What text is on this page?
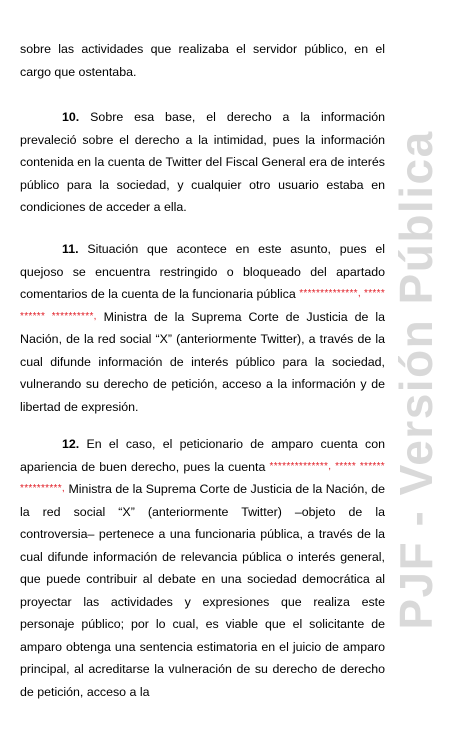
PJF - Versión Pública

sobre las actividades que realizaba el servidor público, en el cargo que ostentaba.

10. Sobre esa base, el derecho a la información prevaleció sobre el derecho a la intimidad, pues la información contenida en la cuenta de Twitter del Fiscal General era de interés público para la sociedad, y cualquier otro usuario estaba en condiciones de acceder a ella.

11. Situación que acontece en este asunto, pues el quejoso se encuentra restringido o bloqueado del apartado comentarios de la cuenta de la funcionaria pública **************, ***** ****** **********, Ministra de la Suprema Corte de Justicia de la Nación, de la red social “X” (anteriormente Twitter), a través de la cual difunde información de interés público para la sociedad, vulnerando su derecho de petición, acceso a la información y de libertad de expresión.

12. En el caso, el peticionario de amparo cuenta con apariencia de buen derecho, pues la cuenta **************, ***** ****** **********, Ministra de la Suprema Corte de Justicia de la Nación, de la red social “X” (anteriormente Twitter) –objeto de la controversia– pertenece a una funcionaria pública, a través de la cual difunde información de relevancia pública o interés general, que puede contribuir al debate en una sociedad democrática al proyectar las actividades y expresiones que realiza este personaje público; por lo cual, es viable que el solicitante de amparo obtenga una sentencia estimatoria en el juicio de amparo principal, al acreditarse la vulneración de su derecho de derecho de petición, acceso a la
